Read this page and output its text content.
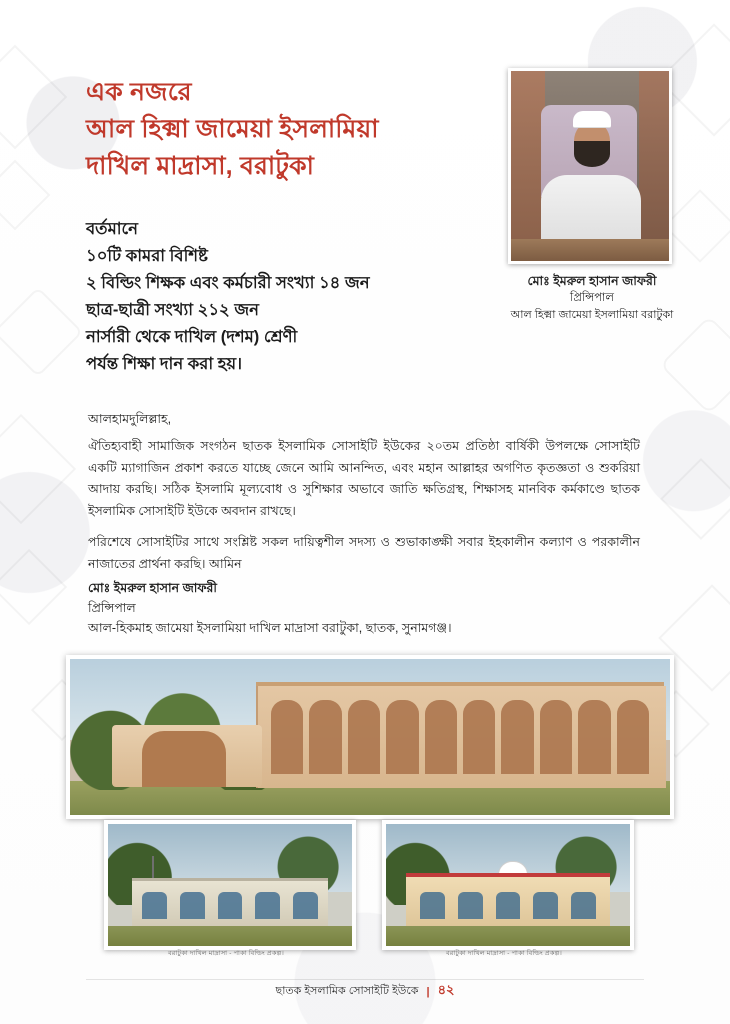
এক নজরে
আল হিক্মা জামেয়া ইসলামিয়া
দাখিল মাদ্রাসা, বরাটুকা
বর্তমানে
১০টি কামরা বিশিষ্ট
২ বিল্ডিং শিক্ষক এবং কর্মচারী সংখ্যা ১৪ জন
ছাত্র-ছাত্রী সংখ্যা ২১২ জন
নার্সারী থেকে দাখিল (দশম) শ্রেণী
পর্যন্ত শিক্ষা দান করা হয়।
মোঃ ইমরুল হাসান জাফরী
প্রিন্সিপাল
আল হিক্মা জামেয়া ইসলামিয়া বরাটুকা
আলহামদুলিল্লাহ,
ঐতিহ্যবাহী সামাজিক সংগঠন ছাতক ইসলামিক সোসাইটি ইউকের ২০তম প্রতিষ্ঠা বার্ষিকী উপলক্ষে সোসাইটি একটি ম্যাগাজিন প্রকাশ করতে যাচ্ছে জেনে আমি আনন্দিত, এবং মহান আল্লাহর অগণিত কৃতজ্ঞতা ও শুকরিয়া আদায় করছি। সঠিক ইসলামি মূল্যবোধ ও সুশিক্ষার অভাবে জাতি ক্ষতিগ্রস্থ, শিক্ষাসহ মানবিক কর্মকাণ্ডে ছাতক ইসলামিক সোসাইটি ইউকে অবদান রাখছে।
পরিশেষে সোসাইটির সাথে সংশ্লিষ্ট সকল দায়িত্বশীল সদস্য ও শুভাকাঙ্ক্ষী সবার ইহকালীন কল্যাণ ও পরকালীন নাজাতের প্রার্থনা করছি। আমিন
মোঃ ইমরুল হাসান জাফরী
প্রিন্সিপাল
আল-হিকমাহ জামেয়া ইসলামিয়া দাখিল মাদ্রাসা বরাটুকা, ছাতক, সুনামগঞ্জ।
বরাটুকা দাখিল মাদ্রাসা - পাকা বিল্ডিং প্রকল্প।	বরাটুকা দাখিল মাদ্রাসা - পাকা বিল্ডিং প্রকল্প।
ছাতক ইসলামিক সোসাইটি ইউকে | ৪২
